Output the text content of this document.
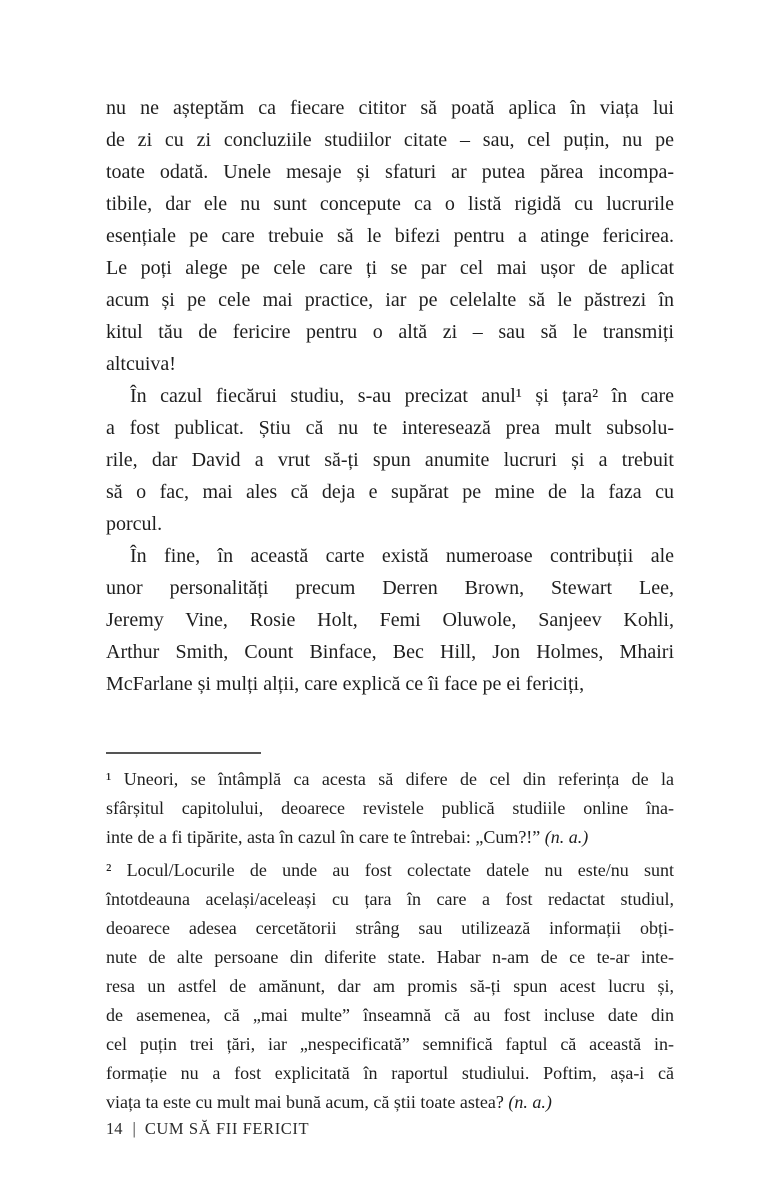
nu ne așteptăm ca fiecare cititor să poată aplica în viața lui
de zi cu zi concluziile studiilor citate – sau, cel puțin, nu pe
toate odată. Unele mesaje și sfaturi ar putea părea incompa-
tibile, dar ele nu sunt concepute ca o listă rigidă cu lucrurile
esențiale pe care trebuie să le bifezi pentru a atinge fericirea.
Le poți alege pe cele care ți se par cel mai ușor de aplicat
acum și pe cele mai practice, iar pe celelalte să le păstrezi în
kitul tău de fericire pentru o altă zi – sau să le transmiți
altcuiva!
În cazul fiecărui studiu, s-au precizat anul¹ și țara² în care
a fost publicat. Știu că nu te interesează prea mult subsolu-
rile, dar David a vrut să-ți spun anumite lucruri și a trebuit
să o fac, mai ales că deja e supărat pe mine de la faza cu
porcul.
În fine, în această carte există numeroase contribuții ale
unor personalități precum Derren Brown, Stewart Lee,
Jeremy Vine, Rosie Holt, Femi Oluwole, Sanjeev Kohli,
Arthur Smith, Count Binface, Bec Hill, Jon Holmes, Mhairi
McFarlane și mulți alții, care explică ce îi face pe ei fericiți,
¹ Uneori, se întâmplă ca acesta să difere de cel din referința de la
sfârșitul capitolului, deoarece revistele publică studiile online îna-
inte de a fi tipărite, asta în cazul în care te întrebai: „Cum?!” (n. a.)
² Locul/Locurile de unde au fost colectate datele nu este/nu sunt
întotdeauna același/aceleași cu țara în care a fost redactat studiul,
deoarece adesea cercetătorii strâng sau utilizează informații obți-
nute de alte persoane din diferite state. Habar n-am de ce te-ar inte-
resa un astfel de amănunt, dar am promis să-ți spun acest lucru și,
de asemenea, că „mai multe” înseamnă că au fost incluse date din
cel puțin trei țări, iar „nespecificată” semnifică faptul că această in-
formație nu a fost explicitată în raportul studiului. Poftim, așa-i că
viața ta este cu mult mai bună acum, că știi toate astea? (n. a.)
14 | CUM SĂ FII FERICIT
